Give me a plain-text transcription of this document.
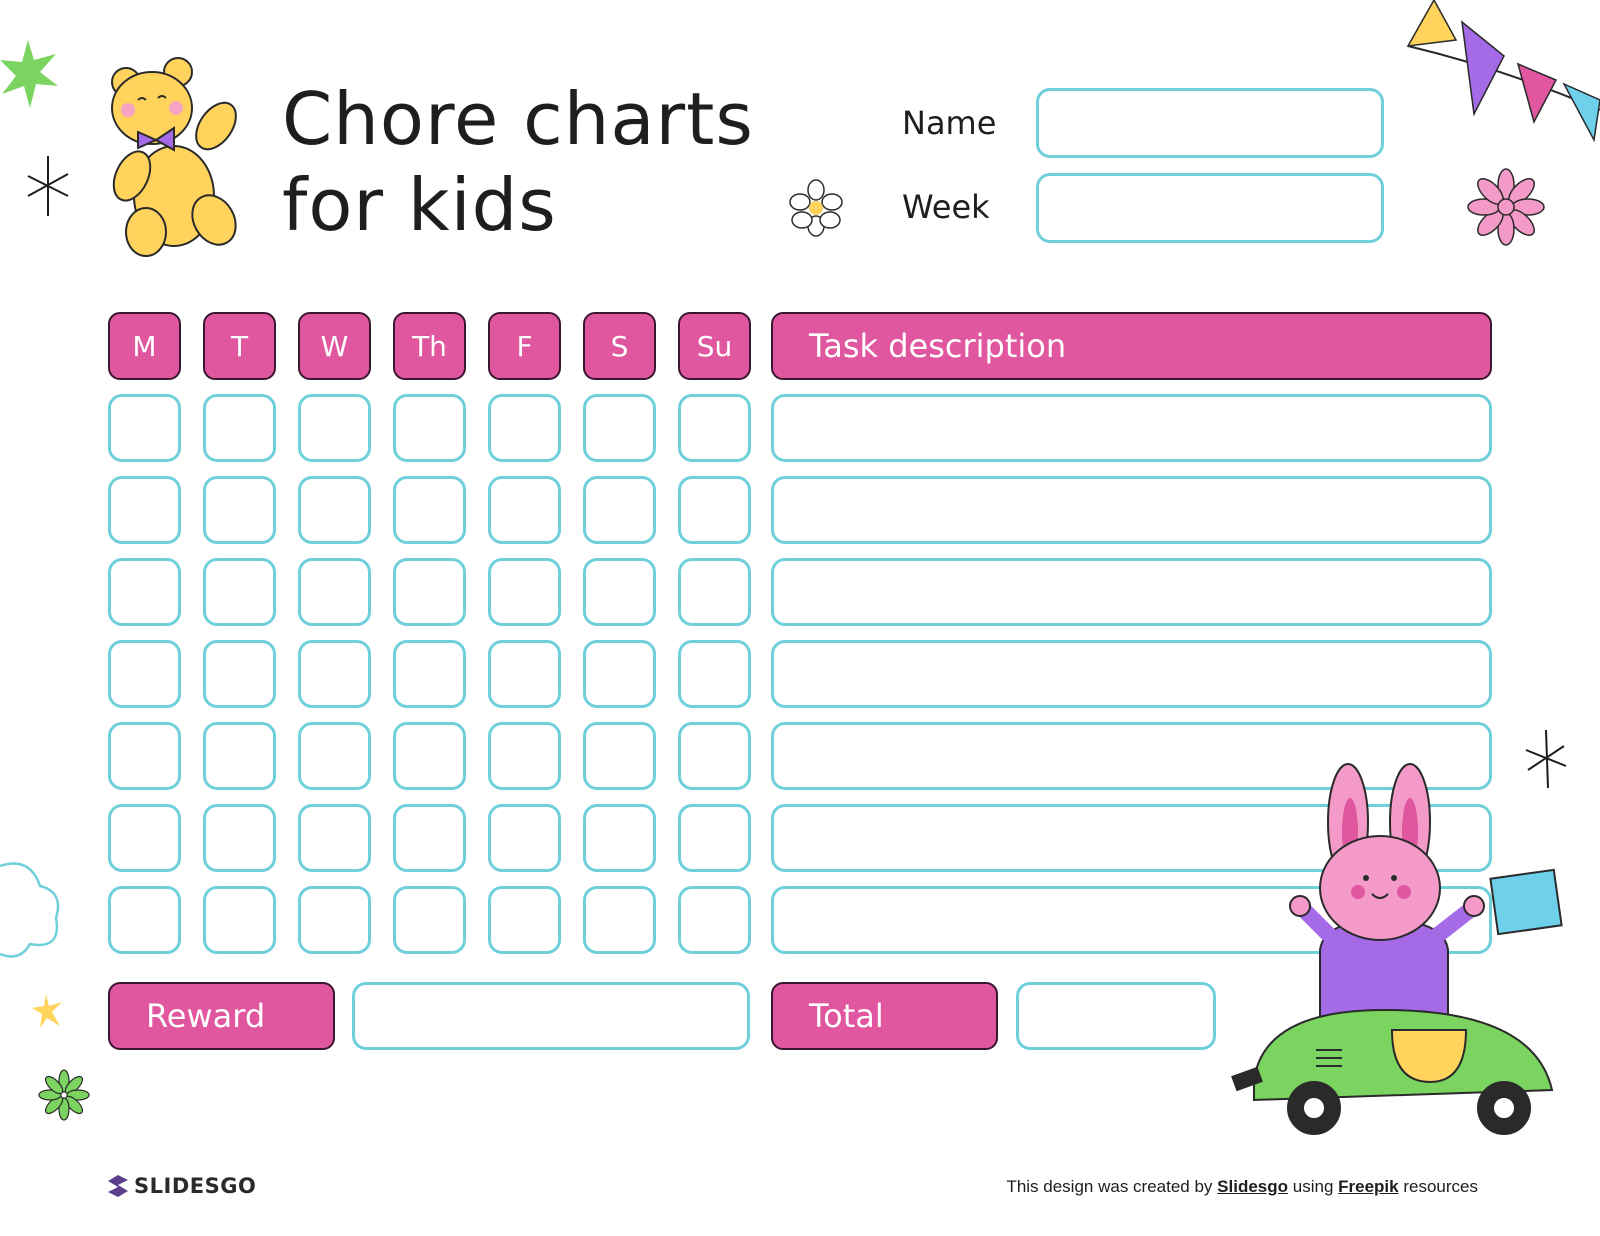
Chore charts
for kids
Name
Week
M	T	W	Th	F	S	Su	Task description
Reward	Total
SLIDESGO	This design was created by Slidesgo using Freepik resources
